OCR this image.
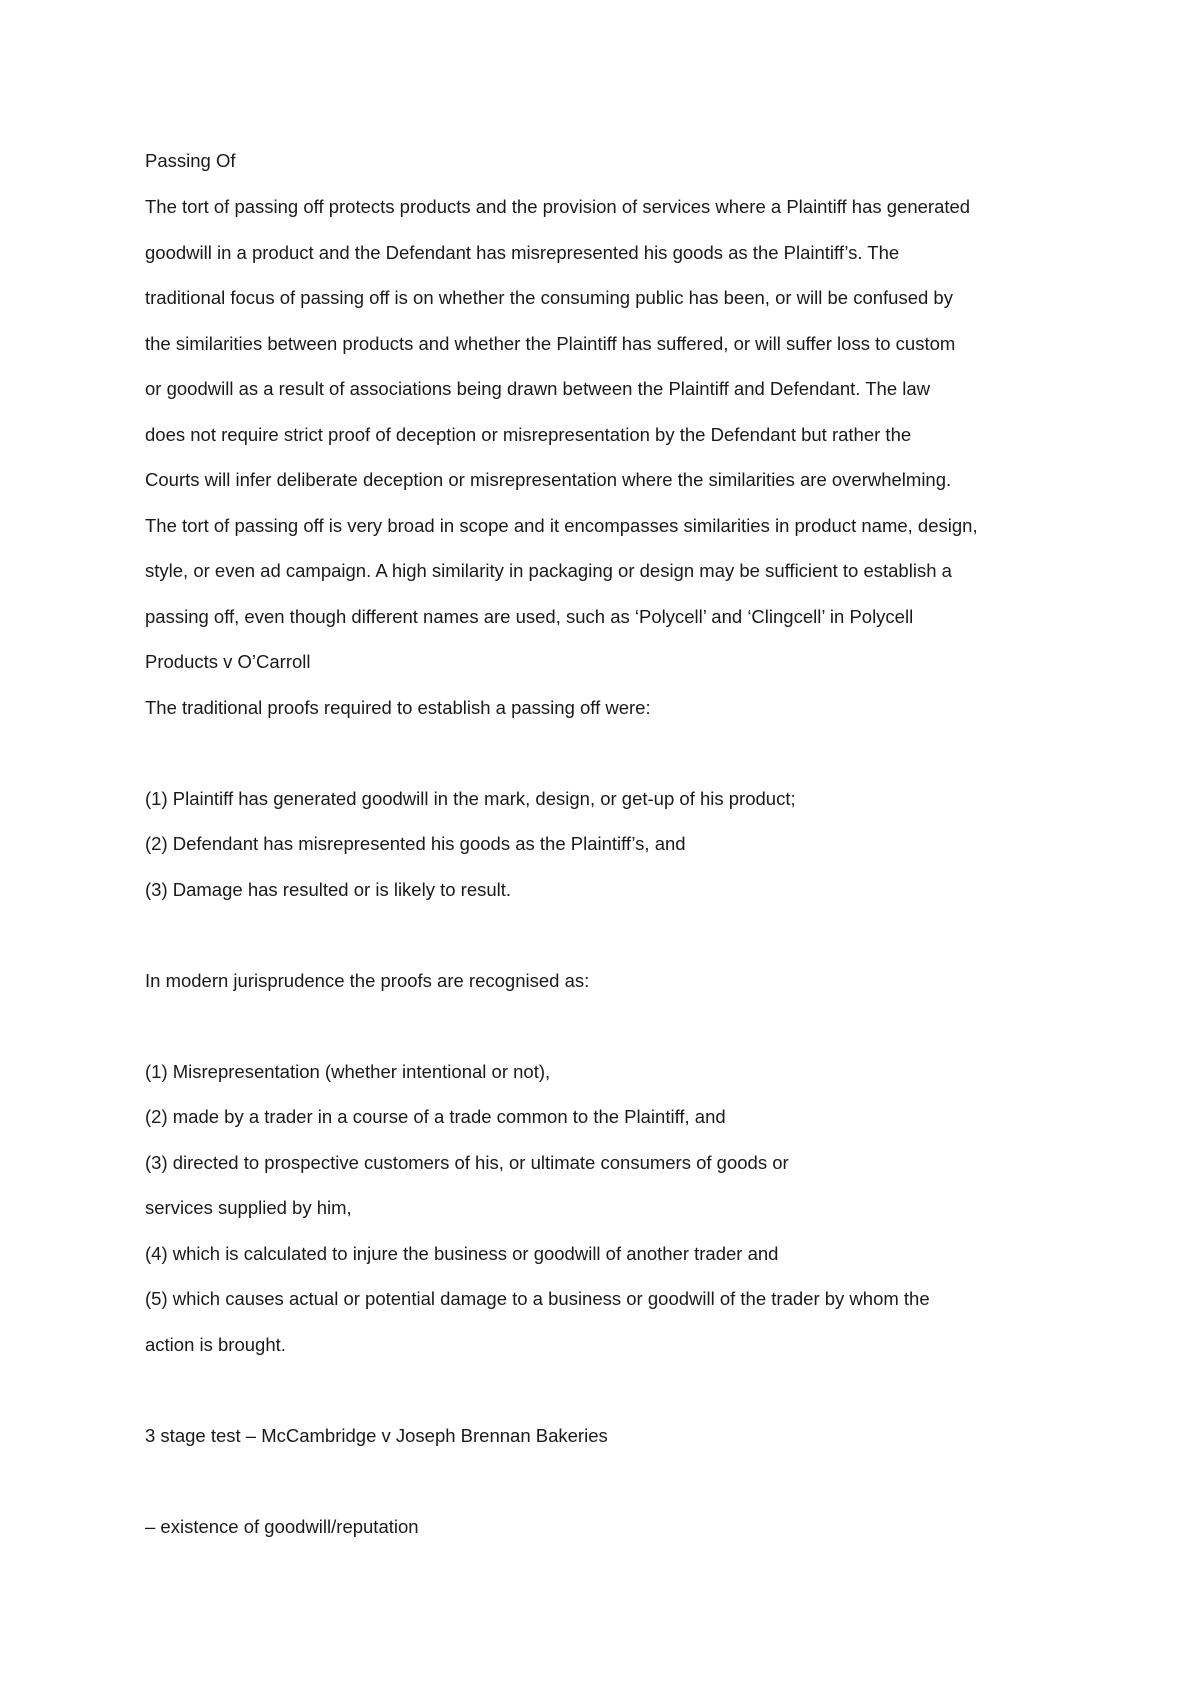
Passing Of

The tort of passing off protects products and the provision of services where a Plaintiff has generated

goodwill in a product and the Defendant has misrepresented his goods as the Plaintiff’s. The

traditional focus of passing off is on whether the consuming public has been, or will be confused by

the similarities between products and whether the Plaintiff has suffered, or will suffer loss to custom

or goodwill as a result of associations being drawn between the Plaintiff and Defendant. The law

does not require strict proof of deception or misrepresentation by the Defendant but rather the

Courts will infer deliberate deception or misrepresentation where the similarities are overwhelming.

The tort of passing off is very broad in scope and it encompasses similarities in product name, design,

style, or even ad campaign. A high similarity in packaging or design may be sufficient to establish a

passing off, even though different names are used, such as ‘Polycell’ and ‘Clingcell’ in Polycell

Products v O’Carroll

The traditional proofs required to establish a passing off were:

(1) Plaintiff has generated goodwill in the mark, design, or get-up of his product;

(2) Defendant has misrepresented his goods as the Plaintiff’s, and

(3) Damage has resulted or is likely to result.

In modern jurisprudence the proofs are recognised as:

(1) Misrepresentation (whether intentional or not),

(2) made by a trader in a course of a trade common to the Plaintiff, and

(3) directed to prospective customers of his, or ultimate consumers of goods or

services supplied by him,

(4) which is calculated to injure the business or goodwill of another trader and

(5) which causes actual or potential damage to a business or goodwill of the trader by whom the

action is brought.

3 stage test – McCambridge v Joseph Brennan Bakeries

– existence of goodwill/reputation
